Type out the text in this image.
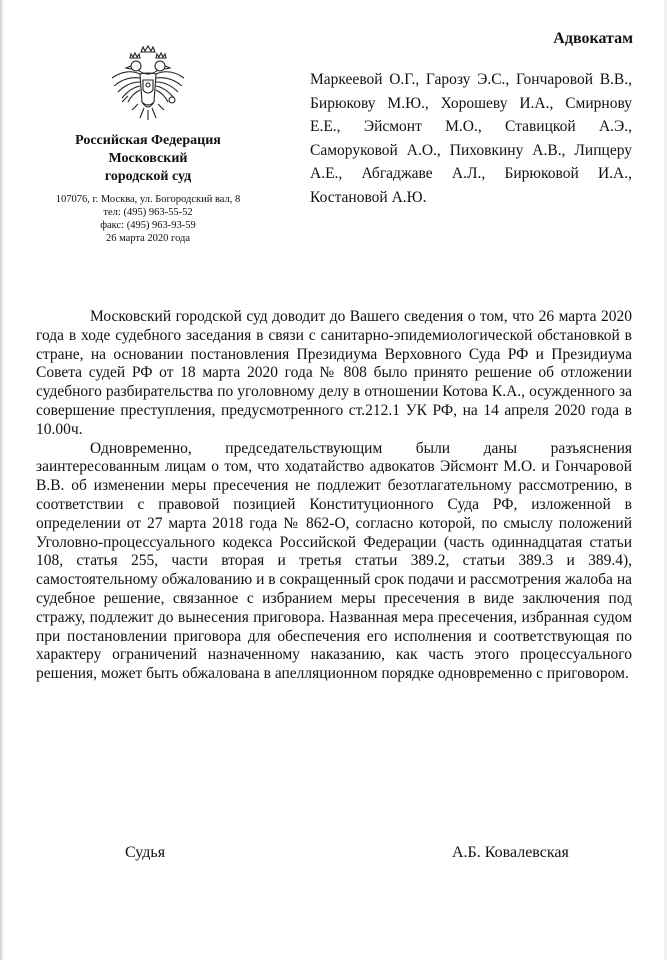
Российская Федерация
Московский
городской суд
107076, г. Москва, ул. Богородский вал, 8
тел: (495) 963-55-52
факс: (495) 963-93-59
26 марта 2020 года
Адвокатам
Маркеевой О.Г., Гарозу Э.С., Гончаровой В.В., Бирюкову М.Ю., Хорошеву И.А., Смирнову Е.Е., Эйсмонт М.О., Ставицкой А.Э., Саморуковой А.О., Пиховкину А.В., Липцеру А.Е., Абгаджаве А.Л., Бирюковой И.А., Костановой А.Ю.

Московский городской суд доводит до Вашего сведения о том, что 26 марта 2020 года в ходе судебного заседания в связи с санитарно-эпидемиологической обстановкой в стране, на основании постановления Президиума Верховного Суда РФ и Президиума Совета судей РФ от 18 марта 2020 года № 808 было принято решение об отложении судебного разбирательства по уголовному делу в отношении Котова К.А., осужденного за совершение преступления, предусмотренного ст.212.1 УК РФ, на 14 апреля 2020 года в 10.00ч.

Одновременно, председательствующим были даны разъяснения заинтересованным лицам о том, что ходатайство адвокатов Эйсмонт М.О. и Гончаровой В.В. об изменении меры пресечения не подлежит безотлагательному рассмотрению, в соответствии с правовой позицией Конституционного Суда РФ, изложенной в определении от 27 марта 2018 года № 862-О, согласно которой, по смыслу положений Уголовно-процессуального кодекса Российской Федерации (часть одиннадцатая статьи 108, статья 255, части вторая и третья статьи 389.2, статьи 389.3 и 389.4), самостоятельному обжалованию и в сокращенный срок подачи и рассмотрения жалоба на судебное решение, связанное с избранием меры пресечения в виде заключения под стражу, подлежит до вынесения приговора. Названная мера пресечения, избранная судом при постановлении приговора для обеспечения его исполнения и соответствующая по характеру ограничений назначенному наказанию, как часть этого процессуального решения, может быть обжалована в апелляционном порядке одновременно с приговором.

Судья	А.Б. Ковалевская
